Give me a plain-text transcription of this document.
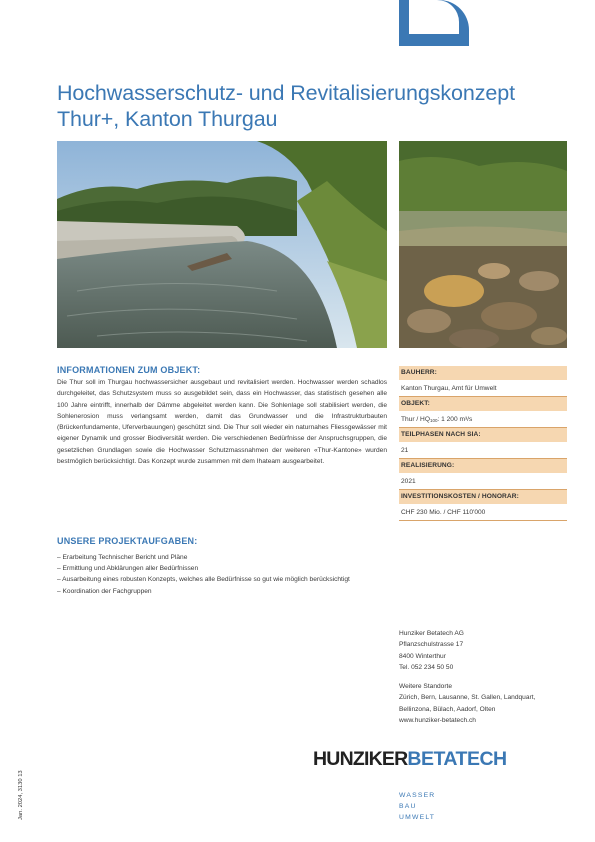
Hochwasserschutz- und Revitalisierungskonzept
Thur+, Kanton Thurgau
INFORMATIONEN ZUM OBJEKT:

Die Thur soll im Thurgau hochwassersicher ausgebaut und revitalisiert werden. Hochwasser werden schadlos durchgeleitet, das Schutzsystem muss so ausgebildet sein, dass ein Hochwasser, das statistisch gesehen alle 100 Jahre eintrifft, innerhalb der Dämme abgeleitet werden kann. Die Sohlenlage soll stabilisiert werden, die Sohlenerosion muss verlangsamt werden, damit das Grundwasser und die Infrastrukturbauten (Brückenfundamente, Uferverbauungen) geschützt sind. Die Thur soll wieder ein naturnahes Fliessgewässer mit eigener Dynamik und grosser Biodiversität werden. Die verschiedenen Bedürfnisse der Anspruchsgruppen, die gesetzlichen Grundlagen sowie die Hochwasser Schutzmassnahmen der weiteren «Thur-Kantone» wurden bestmöglich berücksichtigt. Das Konzept wurde zusammen mit dem Ihateam ausgearbeitet.

UNSERE PROJEKTAUFGABEN:
– Erarbeitung Technischer Bericht und Pläne
– Ermittlung und Abklärungen aller Bedürfnissen
– Ausarbeitung eines robusten Konzepts, welches alle Bedürfnisse so gut wie möglich berücksichtigt
– Koordination der Fachgruppen
BAUHERR:
Kanton Thurgau, Amt für Umwelt
OBJEKT:
Thur / $HQ_{100}$: 1 200 m³/s
TEILPHASEN NACH SIA:
21
REALISIERUNG:
2021
INVESTITIONSKOSTEN / HONORAR:
CHF 230 Mio. / CHF 110'000
Hunziker Betatech AG
Pflanzschulstrasse 17
8400 Winterthur
Tel. 052 234 50 50
Weitere Standorte
Zürich, Bern, Lausanne, St. Gallen, Landquart,
Bellinzona, Bülach, Aadorf, Olten
www.hunziker-betatech.ch
HUNZIKER BETATECH
WASSER
BAU
UMWELT
Jan. 2024, 3130 13
